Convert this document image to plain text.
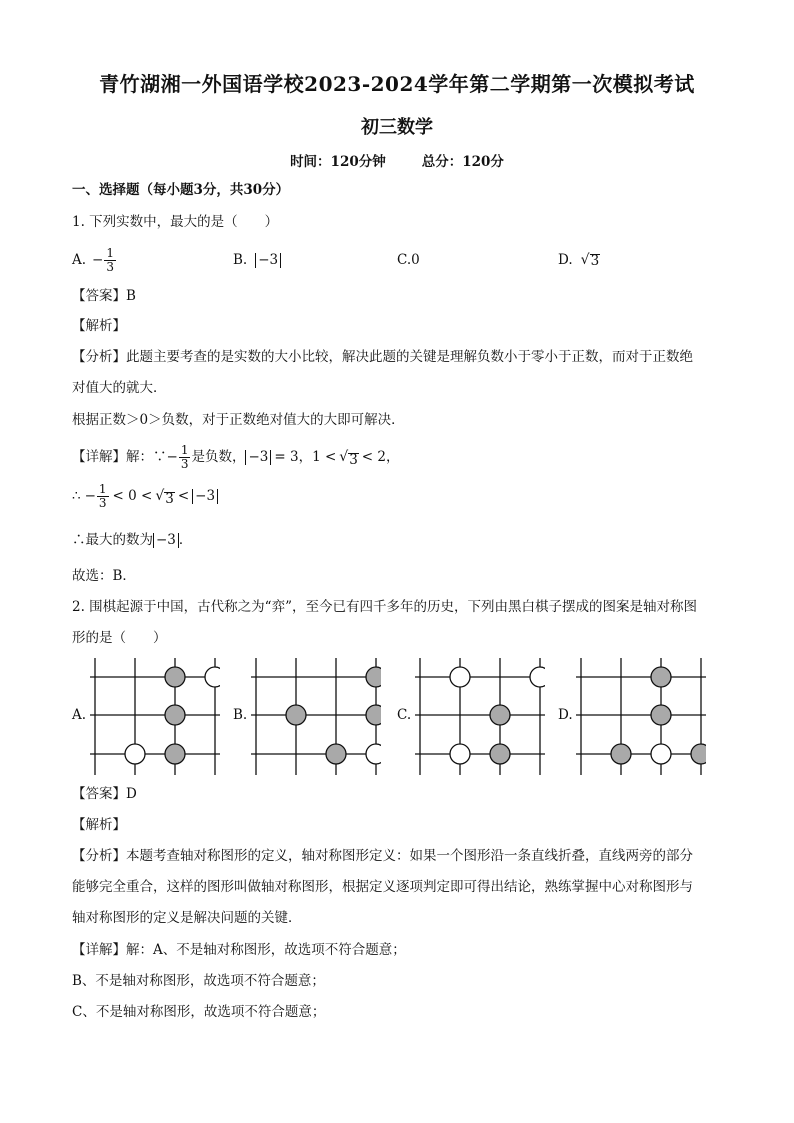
青竹湖湘一外国语学校2023-2024学年第二学期第一次模拟考试
初三数学
时间：120分钟	总分：120分
一、选择题（每小题3分，共30分）
1. 下列实数中，最大的是（　　）
A. − $\frac{1}{3}$	B. −3	C. 0	D. √ 3
【答案】B
【解析】
【分析】此题主要考查的是实数的大小比较，解决此题的关键是理解负数小于零小于正数，而对于正数绝
对值大的就大．
根据正数＞0＞负数，对于正数绝对值大的大即可解决．
【详解】解：∵ − $\frac{1}{3}$ 是负数， −3 = 3 ， 1 < √ 3 < 2 ，
∴ − $\frac{1}{3} < 0$ < √ 3 < −3
∴最大的数为 −3 ．
故选：B．
2. 围棋起源于中国，古代称之为“弈”，至今已有四千多年的历史，下列由黑白棋子摆成的图案是轴对称图
形的是（　　）
A.	B.	C.	D.
【答案】D
【解析】
【分析】本题考查轴对称图形的定义，轴对称图形定义：如果一个图形沿一条直线折叠，直线两旁的部分
能够完全重合，这样的图形叫做轴对称图形，根据定义逐项判定即可得出结论，熟练掌握中心对称图形与
轴对称图形的定义是解决问题的关键．
【详解】解：A、不是轴对称图形，故选项不符合题意；
B、不是轴对称图形，故选项不符合题意；
C、不是轴对称图形，故选项不符合题意；
